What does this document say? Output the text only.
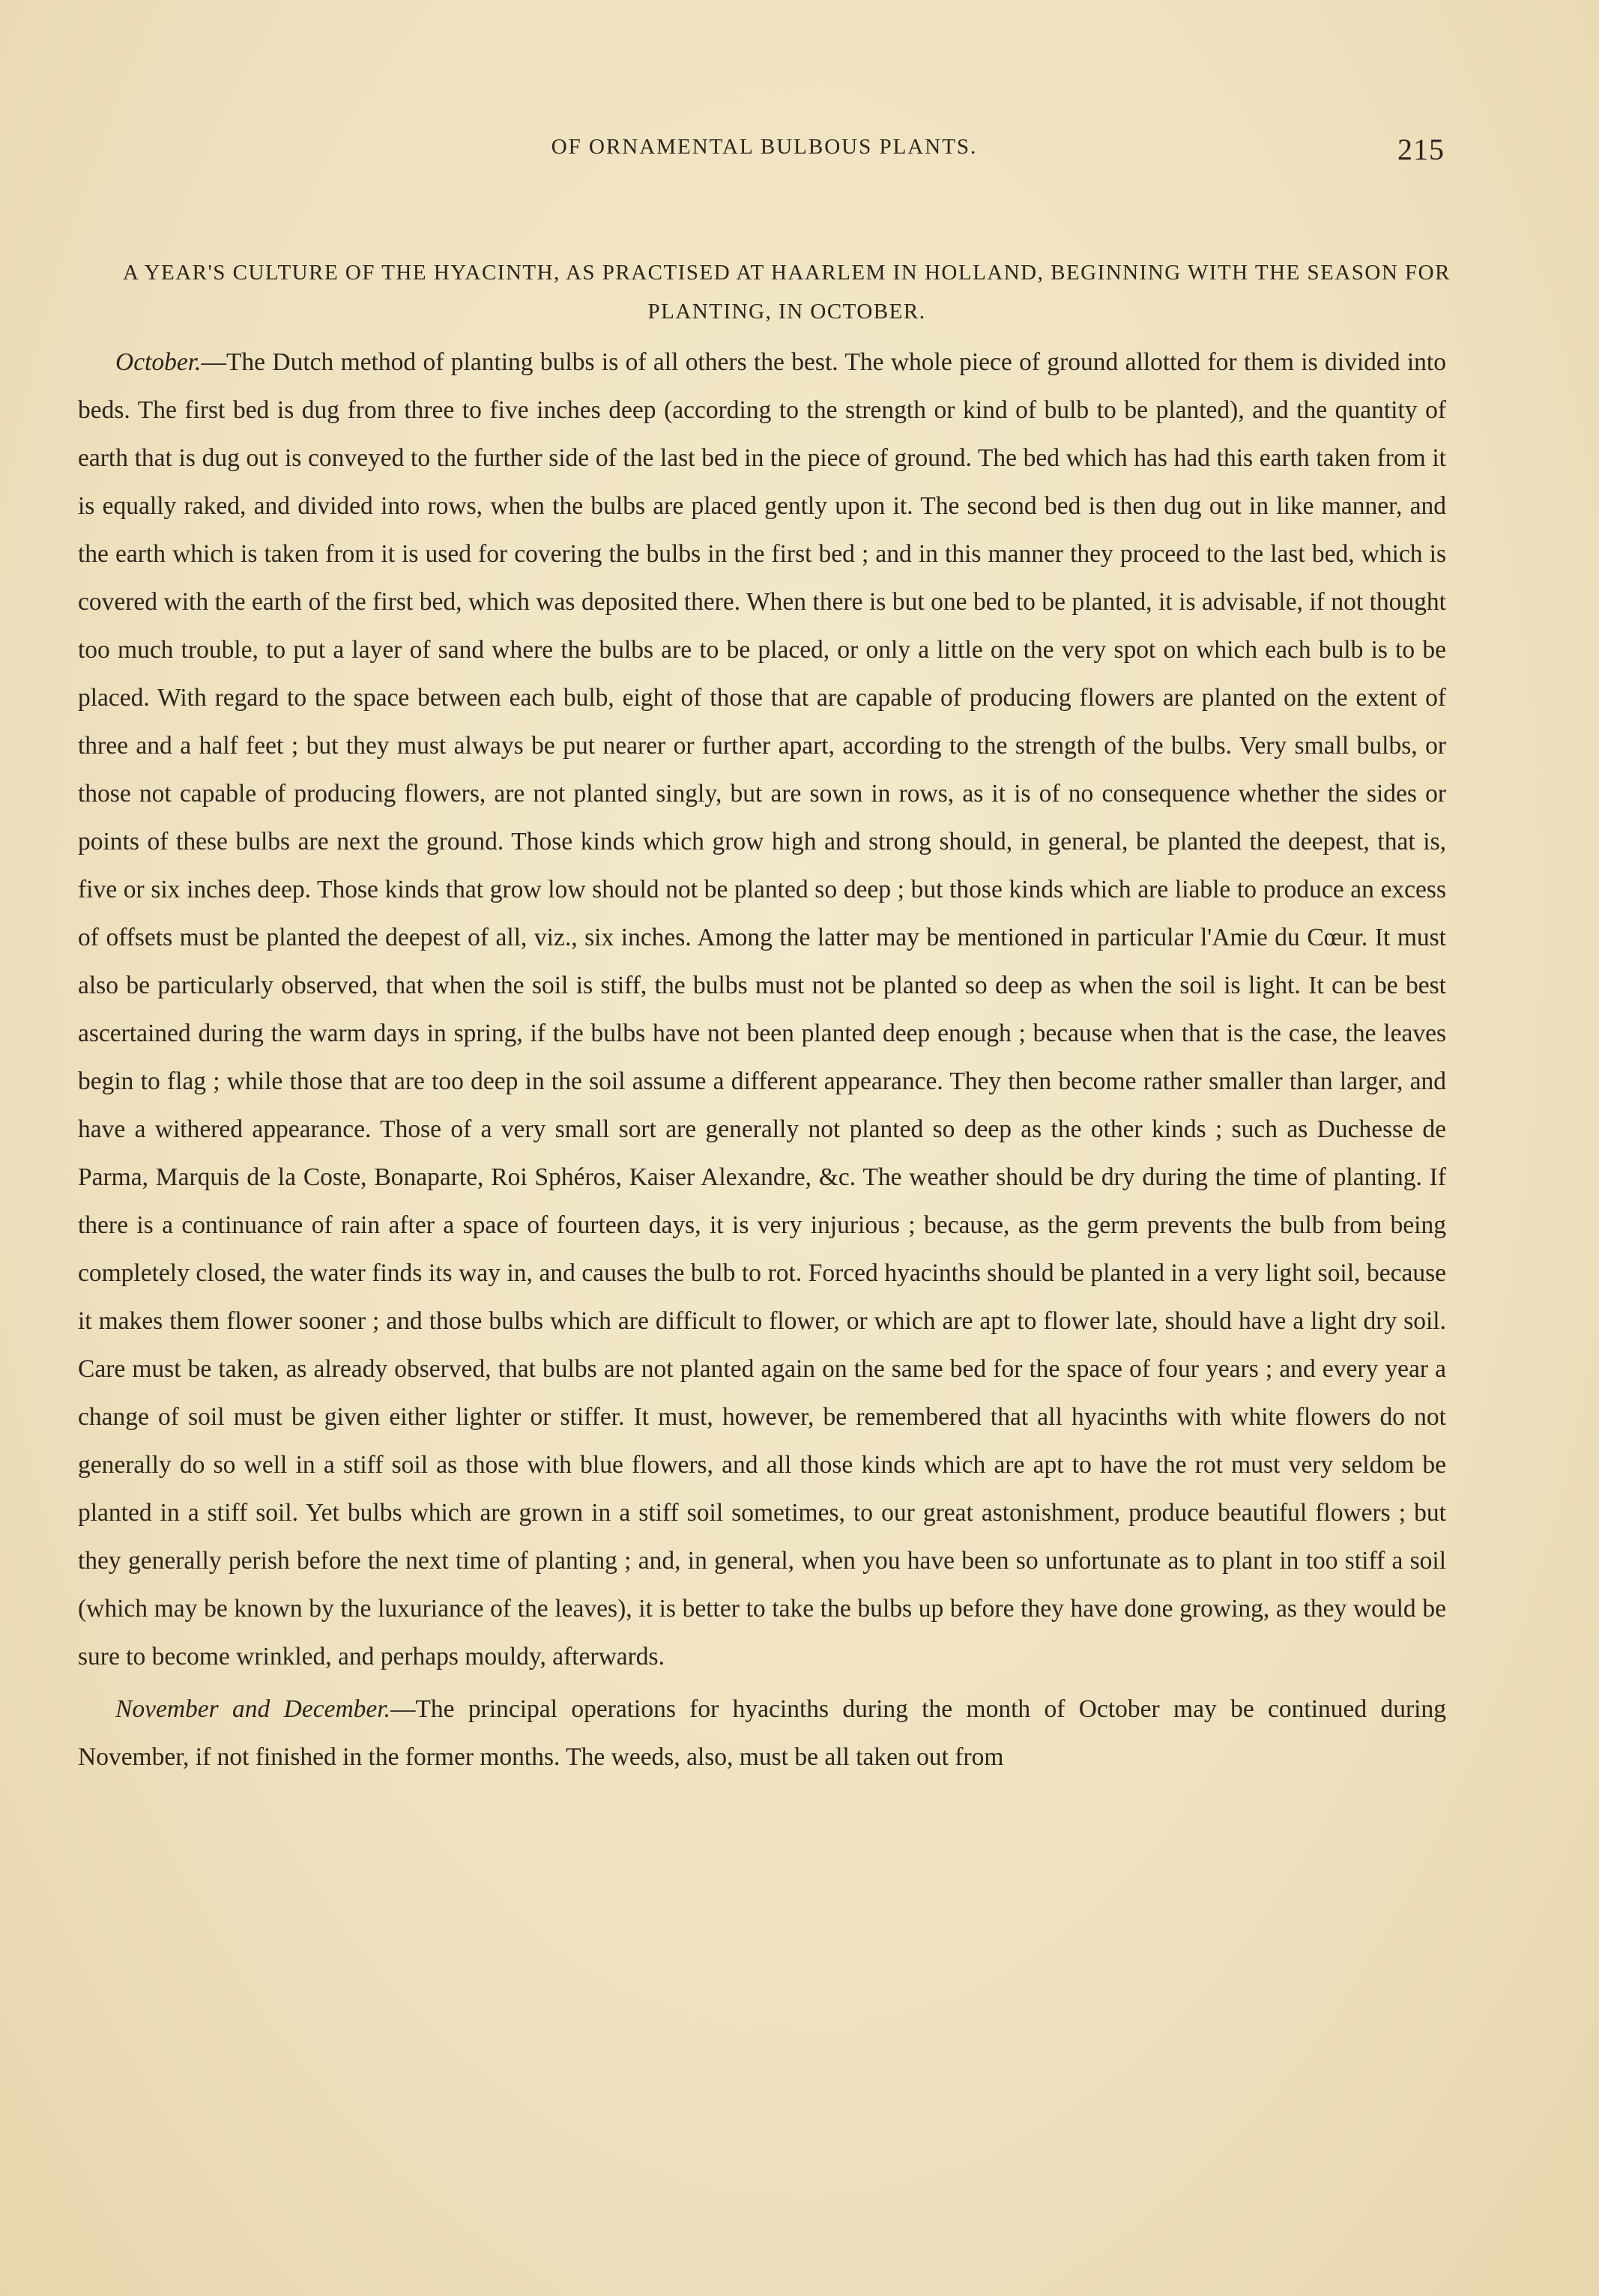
OF ORNAMENTAL BULBOUS PLANTS.	215
A YEAR'S CULTURE OF THE HYACINTH, AS PRACTISED AT HAARLEM IN HOLLAND, BEGINNING WITH THE SEASON FOR PLANTING, IN OCTOBER.

October.—The Dutch method of planting bulbs is of all others the best. The whole piece of ground allotted for them is divided into beds. The first bed is dug from three to five inches deep (according to the strength or kind of bulb to be planted), and the quantity of earth that is dug out is conveyed to the further side of the last bed in the piece of ground. The bed which has had this earth taken from it is equally raked, and divided into rows, when the bulbs are placed gently upon it. The second bed is then dug out in like manner, and the earth which is taken from it is used for covering the bulbs in the first bed ; and in this manner they proceed to the last bed, which is covered with the earth of the first bed, which was deposited there. When there is but one bed to be planted, it is advisable, if not thought too much trouble, to put a layer of sand where the bulbs are to be placed, or only a little on the very spot on which each bulb is to be placed. With regard to the space between each bulb, eight of those that are capable of producing flowers are planted on the extent of three and a half feet ; but they must always be put nearer or further apart, according to the strength of the bulbs. Very small bulbs, or those not capable of producing flowers, are not planted singly, but are sown in rows, as it is of no consequence whether the sides or points of these bulbs are next the ground. Those kinds which grow high and strong should, in general, be planted the deepest, that is, five or six inches deep. Those kinds that grow low should not be planted so deep ; but those kinds which are liable to produce an excess of offsets must be planted the deepest of all, viz., six inches. Among the latter may be mentioned in particular l'Amie du Cœur. It must also be particularly observed, that when the soil is stiff, the bulbs must not be planted so deep as when the soil is light. It can be best ascertained during the warm days in spring, if the bulbs have not been planted deep enough ; because when that is the case, the leaves begin to flag ; while those that are too deep in the soil assume a different appearance. They then become rather smaller than larger, and have a withered appearance. Those of a very small sort are generally not planted so deep as the other kinds ; such as Duchesse de Parma, Marquis de la Coste, Bonaparte, Roi Sphéros, Kaiser Alexandre, &c. The weather should be dry during the time of planting. If there is a continuance of rain after a space of fourteen days, it is very injurious ; because, as the germ prevents the bulb from being completely closed, the water finds its way in, and causes the bulb to rot. Forced hyacinths should be planted in a very light soil, because it makes them flower sooner ; and those bulbs which are difficult to flower, or which are apt to flower late, should have a light dry soil. Care must be taken, as already observed, that bulbs are not planted again on the same bed for the space of four years ; and every year a change of soil must be given either lighter or stiffer. It must, however, be remembered that all hyacinths with white flowers do not generally do so well in a stiff soil as those with blue flowers, and all those kinds which are apt to have the rot must very seldom be planted in a stiff soil. Yet bulbs which are grown in a stiff soil sometimes, to our great astonishment, produce beautiful flowers ; but they generally perish before the next time of planting ; and, in general, when you have been so unfortunate as to plant in too stiff a soil (which may be known by the luxuriance of the leaves), it is better to take the bulbs up before they have done growing, as they would be sure to become wrinkled, and perhaps mouldy, afterwards.

November and December.—The principal operations for hyacinths during the month of October may be continued during November, if not finished in the former months. The weeds, also, must be all taken out from
